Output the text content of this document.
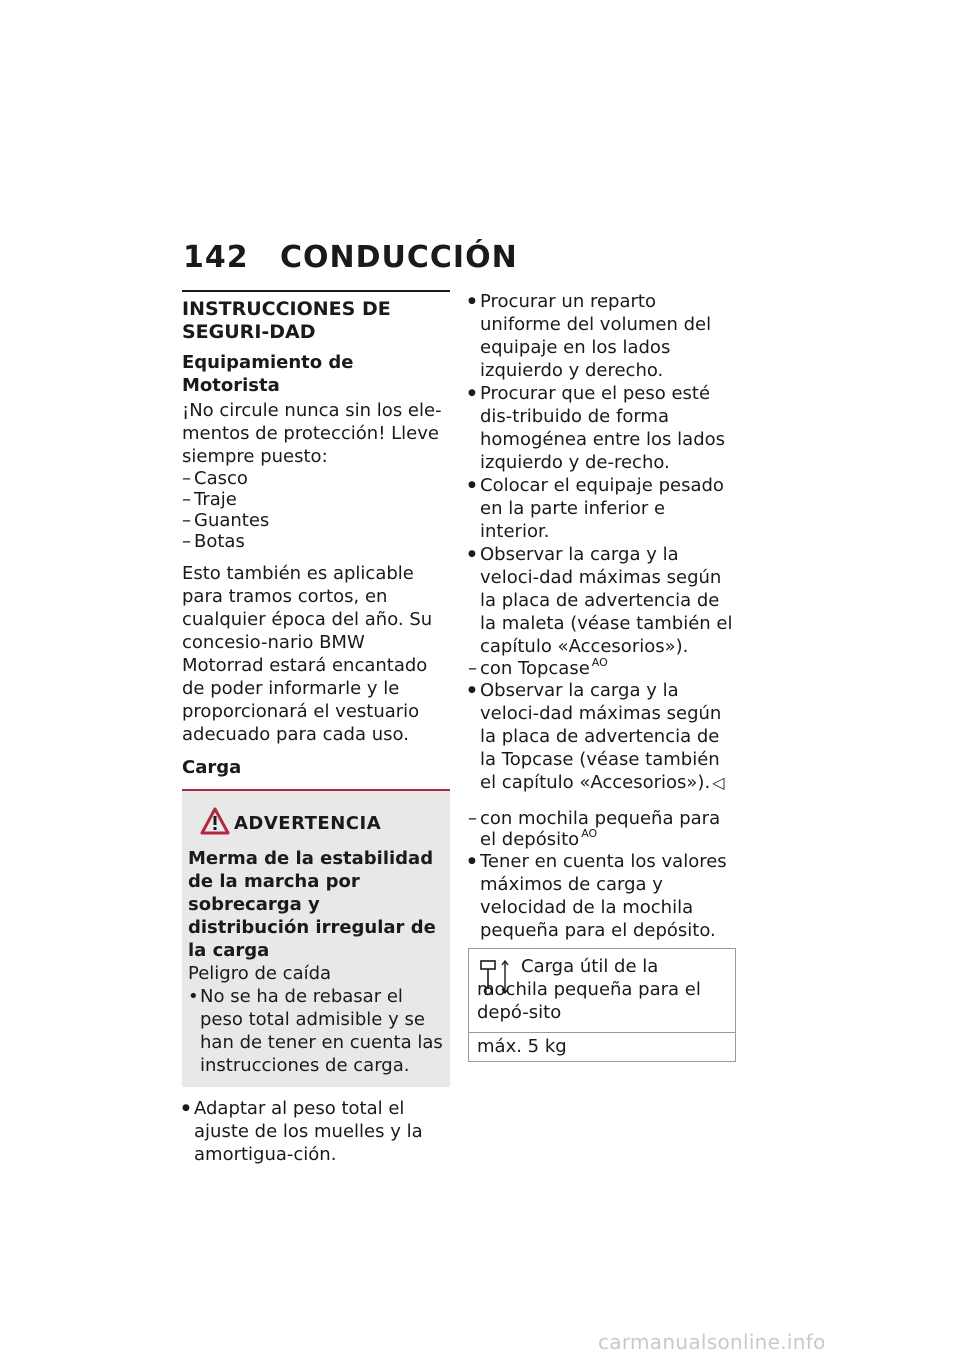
142 CONDUCCIÓN

INSTRUCCIONES DE SEGURI-DAD

Equipamiento de Motorista

¡No circule nunca sin los ele-mentos de protección! Lleve siempre puesto:

– Casco

– Traje

– Guantes

– Botas

Esto también es aplicable para tramos cortos, en cualquier época del año. Su concesio-nario BMW Motorrad estará encantado de poder informarle y le proporcionará el vestuario adecuado para cada uso.

Carga

ADVERTENCIA

Merma de la estabilidad de la marcha por sobrecarga y distribución irregular de la carga

Peligro de caída

• No se ha de rebasar el peso total admisible y se han de tener en cuenta las instrucciones de carga.

● Adaptar al peso total el ajuste de los muelles y la amortigua-ción.

● Procurar un reparto uniforme del volumen del equipaje en los lados izquierdo y derecho.

● Procurar que el peso esté dis-tribuido de forma homogénea entre los lados izquierdo y de-recho.

● Colocar el equipaje pesado en la parte inferior e interior.

● Observar la carga y la veloci-dad máximas según la placa de advertencia de la maleta (véase también el capítulo «Accesorios»).

– con Topcase $^{AO}$

● Observar la carga y la veloci-dad máximas según la placa de advertencia de la Topcase (véase también el capítulo «Accesorios»). ◁

– con mochila pequeña para el depósito $^{AO}$

● Tener en cuenta los valores máximos de carga y velocidad de la mochila pequeña para el depósito.

Carga útil de la mochila pequeña para el depó-sito

máx. 5 kg

carmanualsonline.info
